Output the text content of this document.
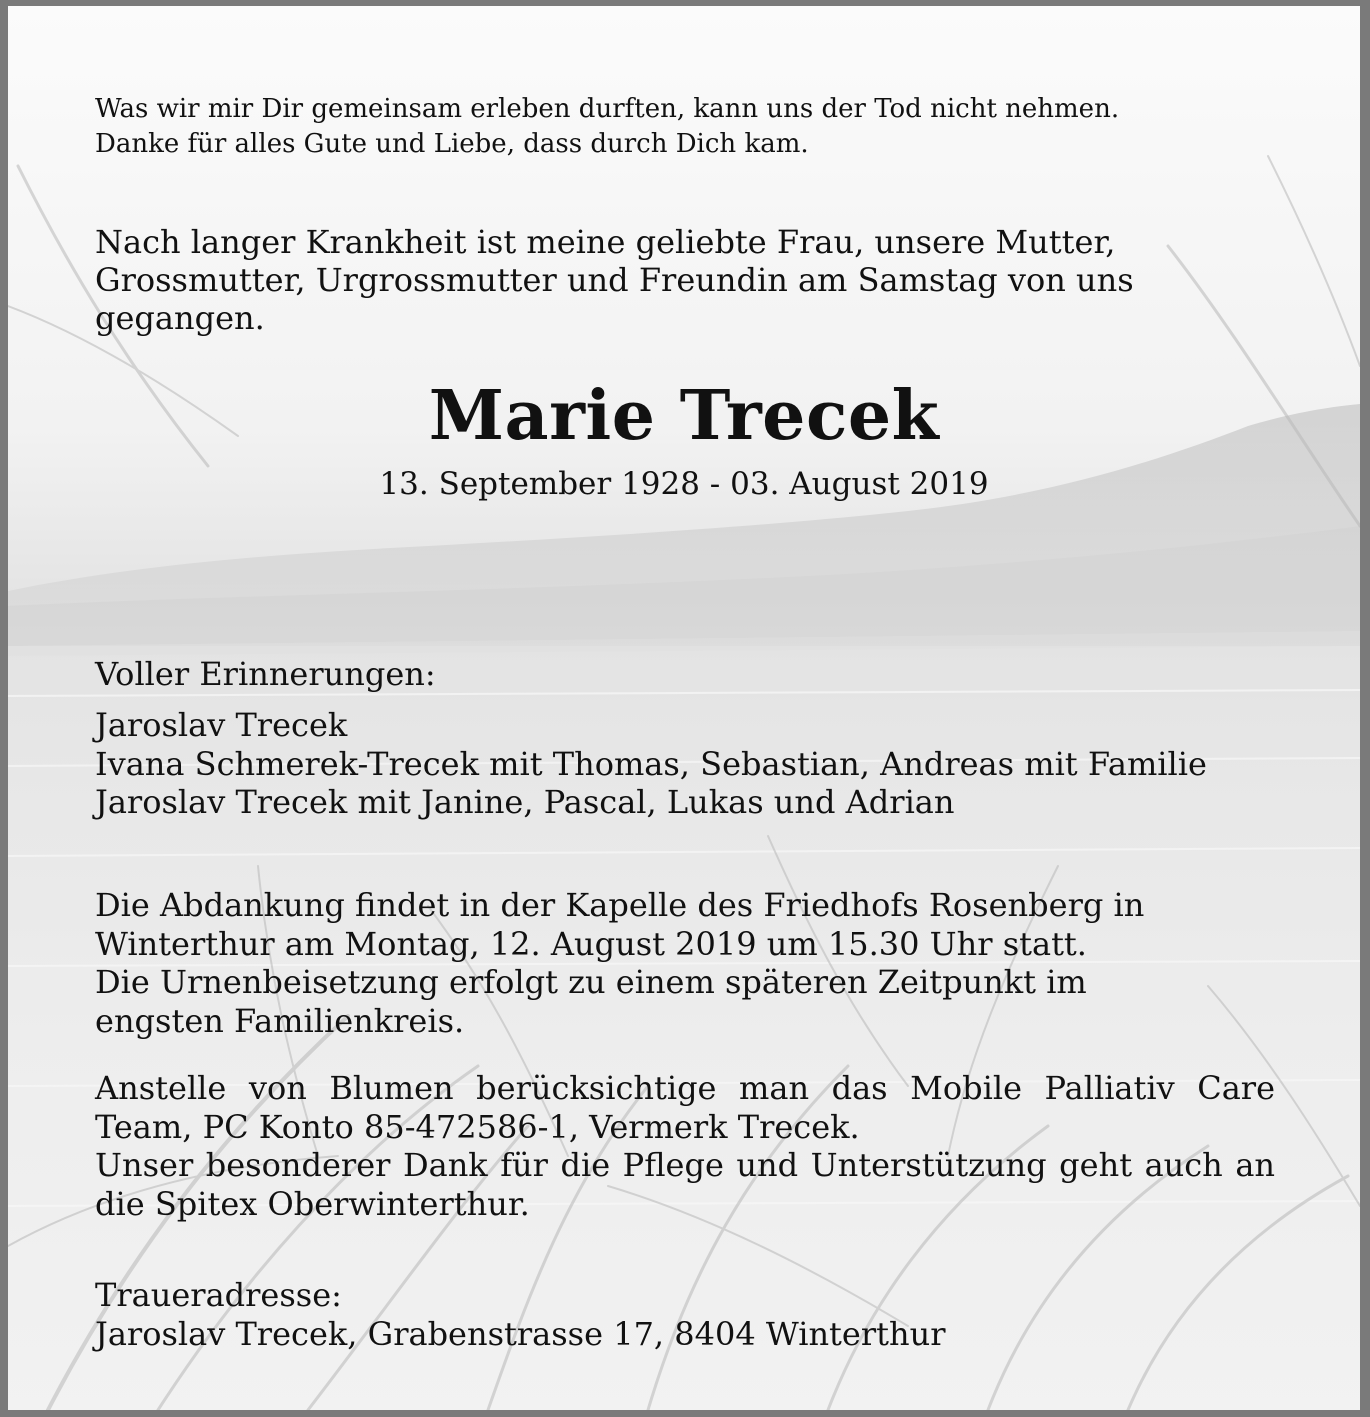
Was wir mir Dir gemeinsam erleben durften, kann uns der Tod nicht nehmen.
Danke für alles Gute und Liebe, dass durch Dich kam.
Nach langer Krankheit ist meine geliebte Frau, unsere Mutter,
Grossmutter, Urgrossmutter und Freundin am Samstag von uns
gegangen.
Marie Trecek
13. September 1928 - 03. August 2019
Voller Erinnerungen:
Jaroslav Trecek
Ivana Schmerek-Trecek mit Thomas, Sebastian, Andreas mit Familie
Jaroslav Trecek mit Janine, Pascal, Lukas und Adrian
Die Abdankung findet in der Kapelle des Friedhofs Rosenberg in
Winterthur am Montag, 12. August 2019 um 15.30 Uhr statt.
Die Urnenbeisetzung erfolgt zu einem späteren Zeitpunkt im
engsten Familienkreis.
Anstelle von Blumen berücksichtige man das Mobile Palliativ Care
Team, PC Konto 85-472586-1, Vermerk Trecek.
Unser besonderer Dank für die Pflege und Unterstützung geht auch an
die Spitex Oberwinterthur.
Traueradresse:
Jaroslav Trecek, Grabenstrasse 17, 8404 Winterthur
